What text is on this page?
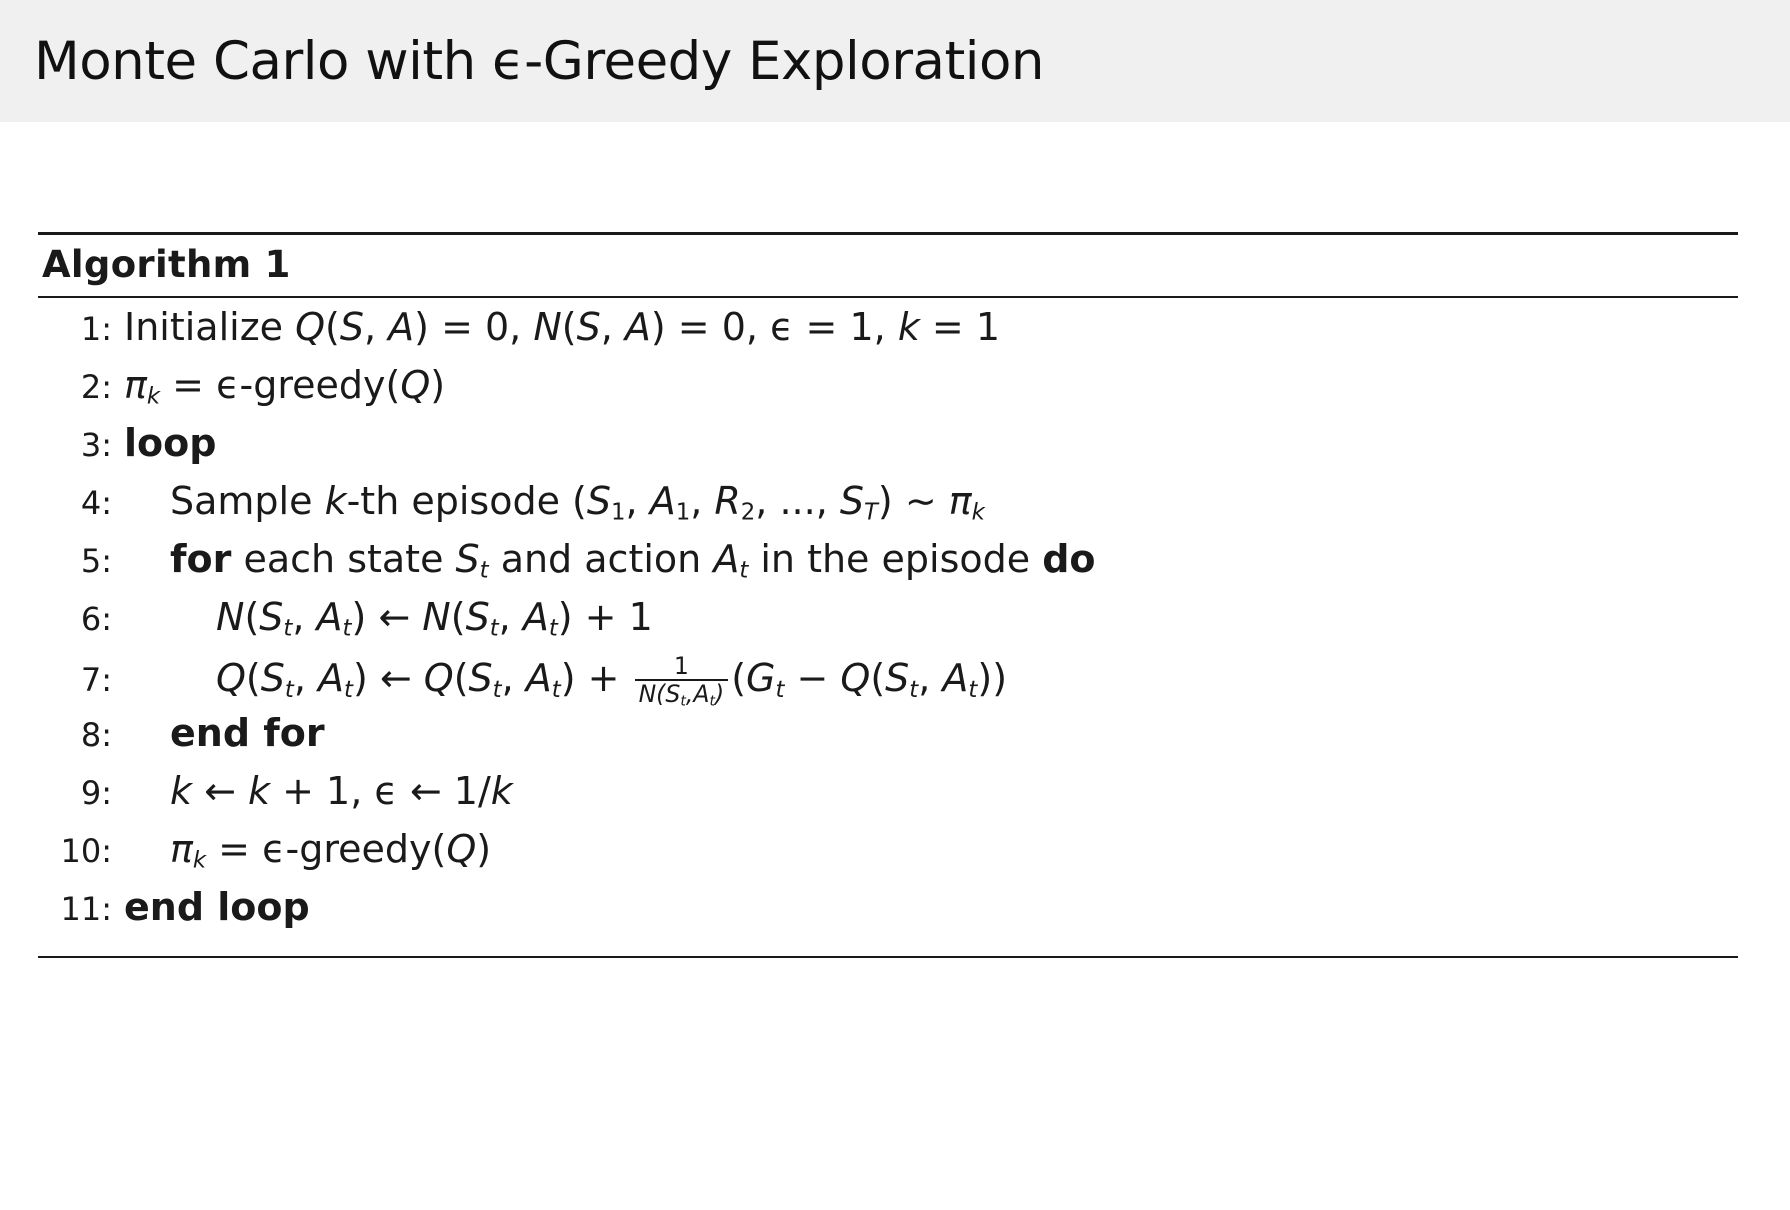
Monte Carlo with ϵ-Greedy Exploration
Algorithm 1
1: Initialize Q(S, A) = 0, N(S, A) = 0, ϵ = 1, k = 1
2: $\pi_k$ = ϵ-greedy(Q)
3: loop
4:	Sample k-th episode ($S_1$, $A_1$, $R_2$, ..., $S_T$) ∼ $\pi_k$
5:	for each state $S_t$ and action $A_t$ in the episode do
6:	$N(S_t$, $A_t$) ← $N(S_t$, $A_t) + 1$
7:	$Q(S_t$, $A_t$) ← $Q(S_t$, $A_t) + \frac{1}{N(S_t,A_t)} (G_t - Q(S_t$, $A_t$))
8:	end for
9:	k ← k + 1, ϵ ← 1/k
10:	$\pi_k$ = ϵ-greedy(Q)
11: end loop
